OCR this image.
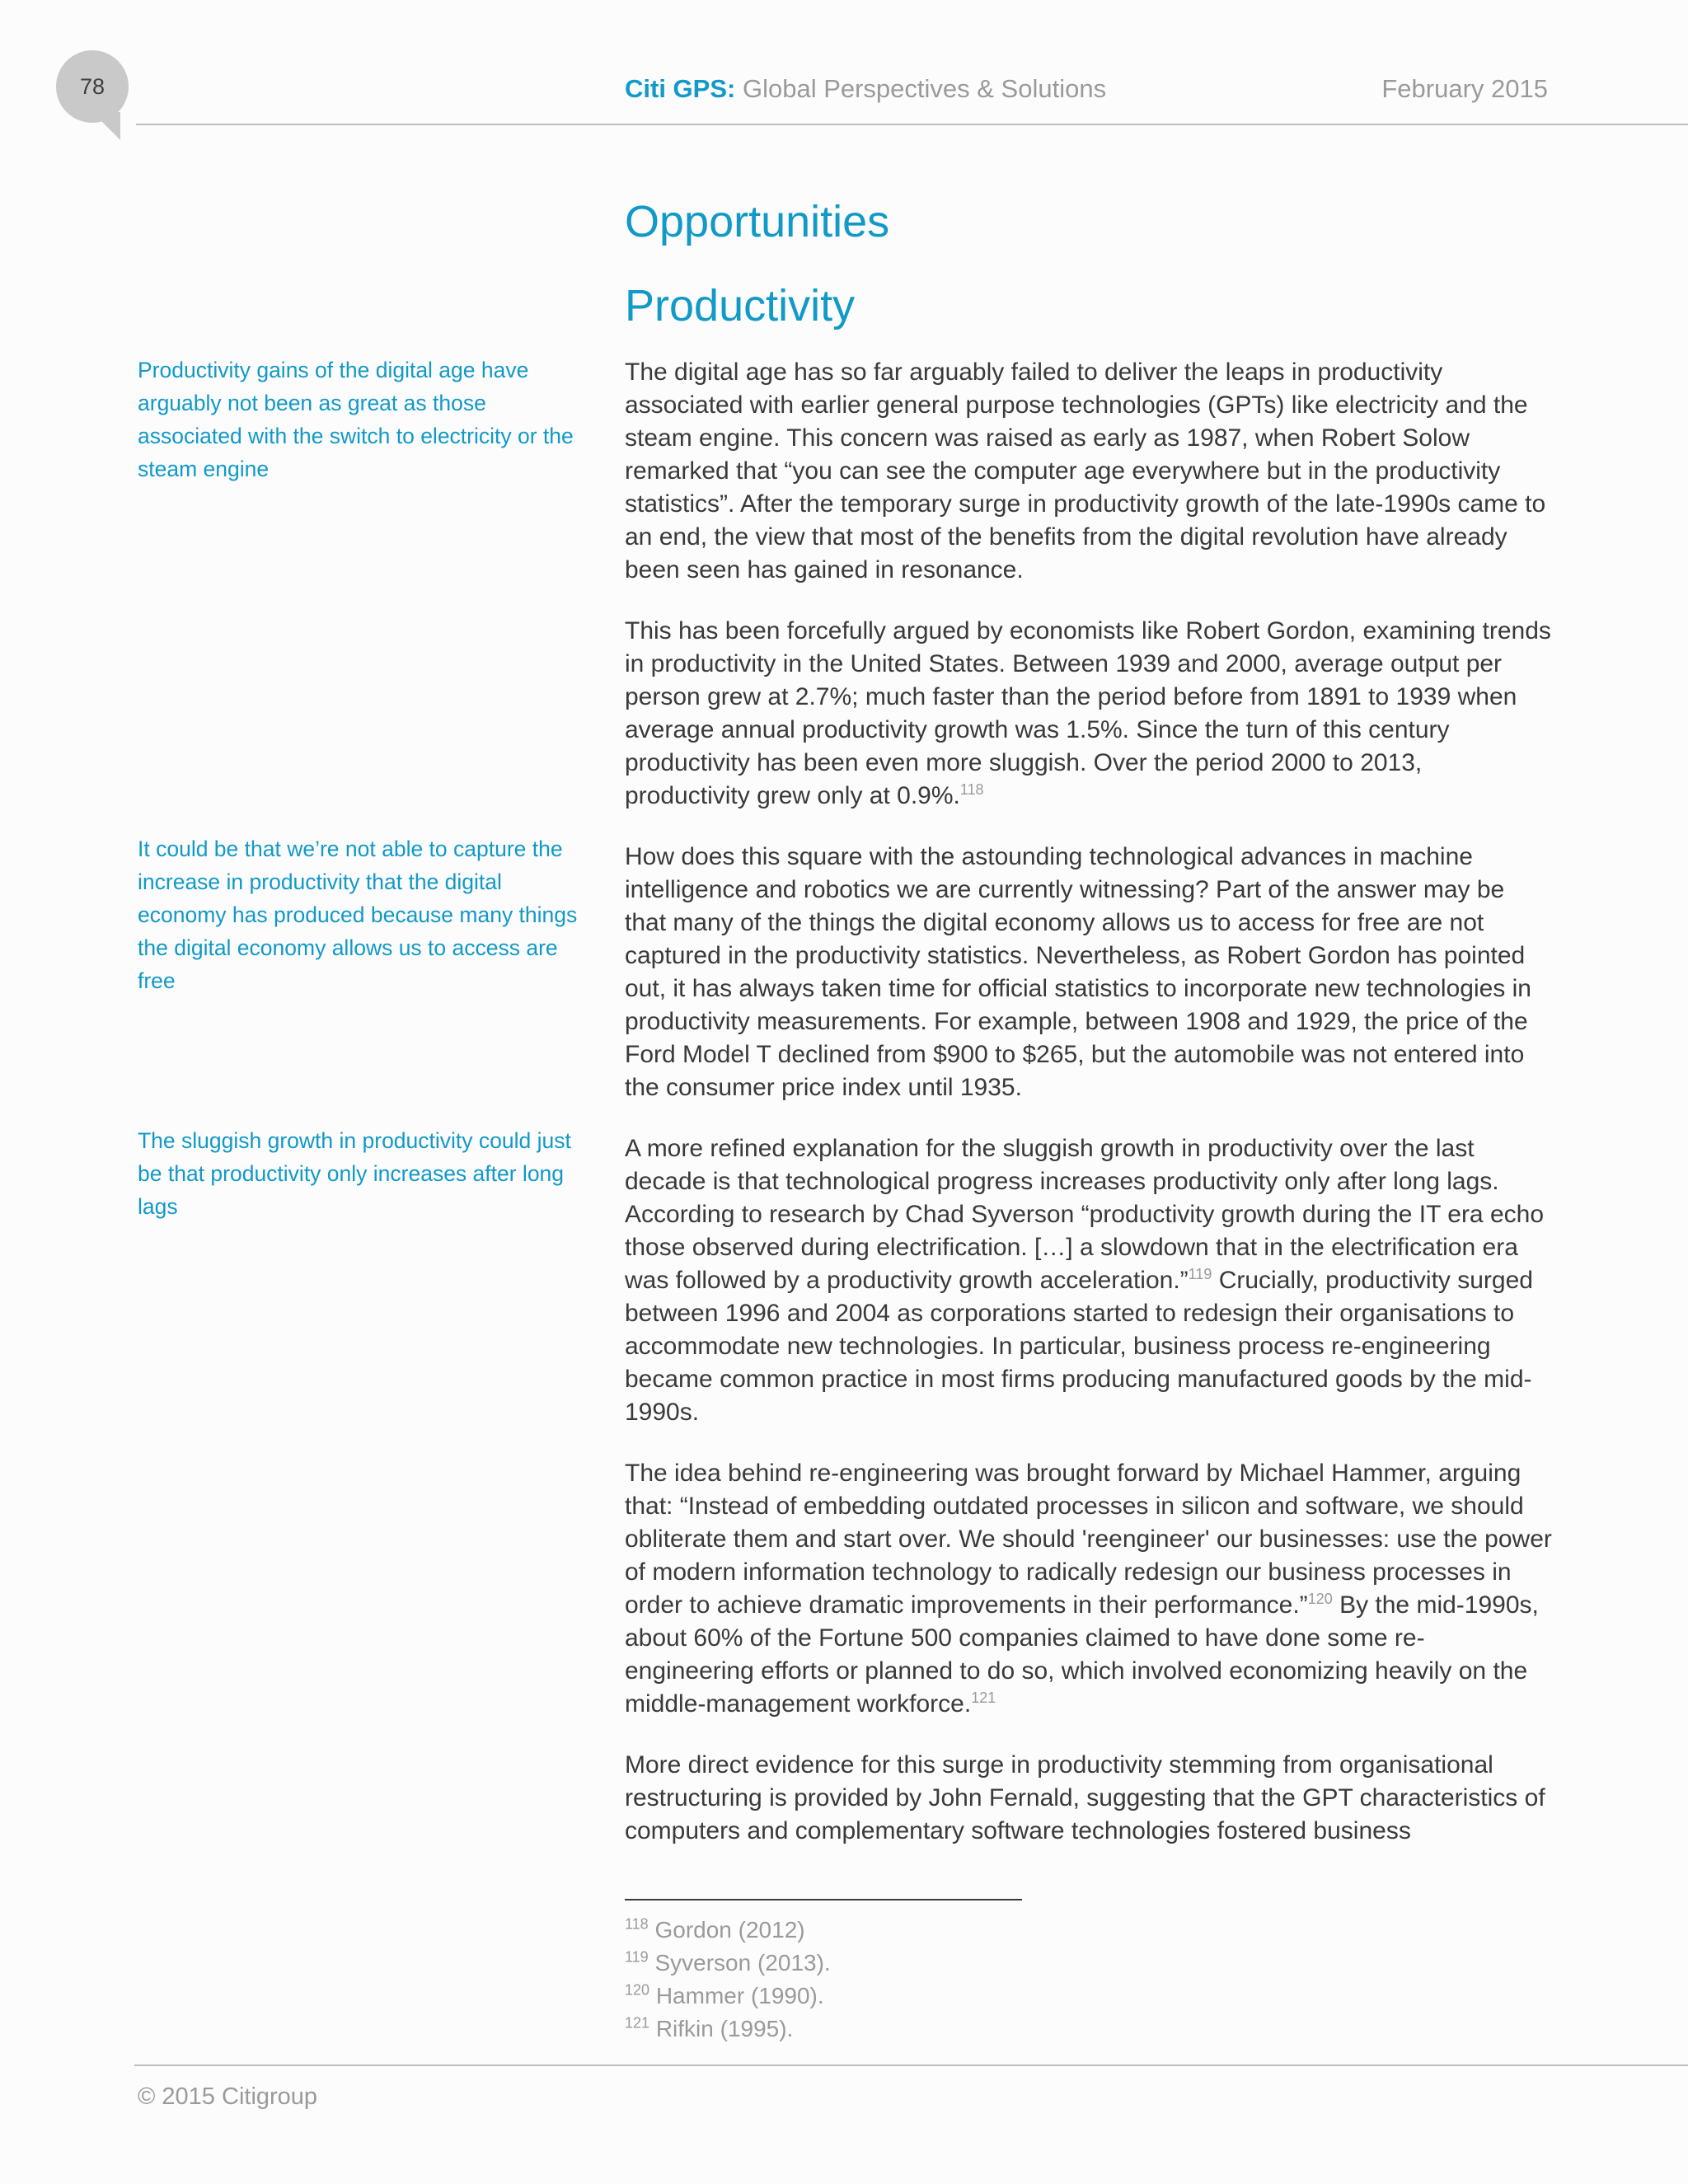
78	Citi GPS: Global Perspectives & Solutions	February 2015
Opportunities
Productivity
Productivity gains of the digital age have arguably not been as great as those associated with the switch to electricity or the steam engine
It could be that we’re not able to capture the increase in productivity that the digital economy has produced because many things the digital economy allows us to access are free
The sluggish growth in productivity could just be that productivity only increases after long lags

The digital age has so far arguably failed to deliver the leaps in productivity associated with earlier general purpose technologies (GPTs) like electricity and the steam engine. This concern was raised as early as 1987, when Robert Solow remarked that “you can see the computer age everywhere but in the productivity statistics”. After the temporary surge in productivity growth of the late-1990s came to an end, the view that most of the benefits from the digital revolution have already been seen has gained in resonance.

This has been forcefully argued by economists like Robert Gordon, examining trends in productivity in the United States. Between 1939 and 2000, average output per person grew at 2.7%; much faster than the period before from 1891 to 1939 when average annual productivity growth was 1.5%. Since the turn of this century productivity has been even more sluggish. Over the period 2000 to 2013, productivity grew only at 0.9%.$^{118}$

How does this square with the astounding technological advances in machine intelligence and robotics we are currently witnessing? Part of the answer may be that many of the things the digital economy allows us to access for free are not captured in the productivity statistics. Nevertheless, as Robert Gordon has pointed out, it has always taken time for official statistics to incorporate new technologies in productivity measurements. For example, between 1908 and 1929, the price of the Ford Model T declined from $900 to $265, but the automobile was not entered into the consumer price index until 1935.

A more refined explanation for the sluggish growth in productivity over the last decade is that technological progress increases productivity only after long lags. According to research by Chad Syverson “productivity growth during the IT era echo those observed during electrification. […] a slowdown that in the electrification era was followed by a productivity growth acceleration.”$^{119}$ Crucially, productivity surged between 1996 and 2004 as corporations started to redesign their organisations to accommodate new technologies. In particular, business process re-engineering became common practice in most firms producing manufactured goods by the mid-1990s.

The idea behind re-engineering was brought forward by Michael Hammer, arguing that: “Instead of embedding outdated processes in silicon and software, we should obliterate them and start over. We should 'reengineer' our businesses: use the power of modern information technology to radically redesign our business processes in order to achieve dramatic improvements in their performance.”$^{120}$ By the mid-1990s, about 60% of the Fortune 500 companies claimed to have done some re-engineering efforts or planned to do so, which involved economizing heavily on the middle-management workforce.$^{121}$

More direct evidence for this surge in productivity stemming from organisational restructuring is provided by John Fernald, suggesting that the GPT characteristics of computers and complementary software technologies fostered business

$^{118}$ Gordon (2012)
$^{119}$ Syverson (2013).
$^{120}$ Hammer (1990).
$^{121}$ Rifkin (1995).
© 2015 Citigroup
